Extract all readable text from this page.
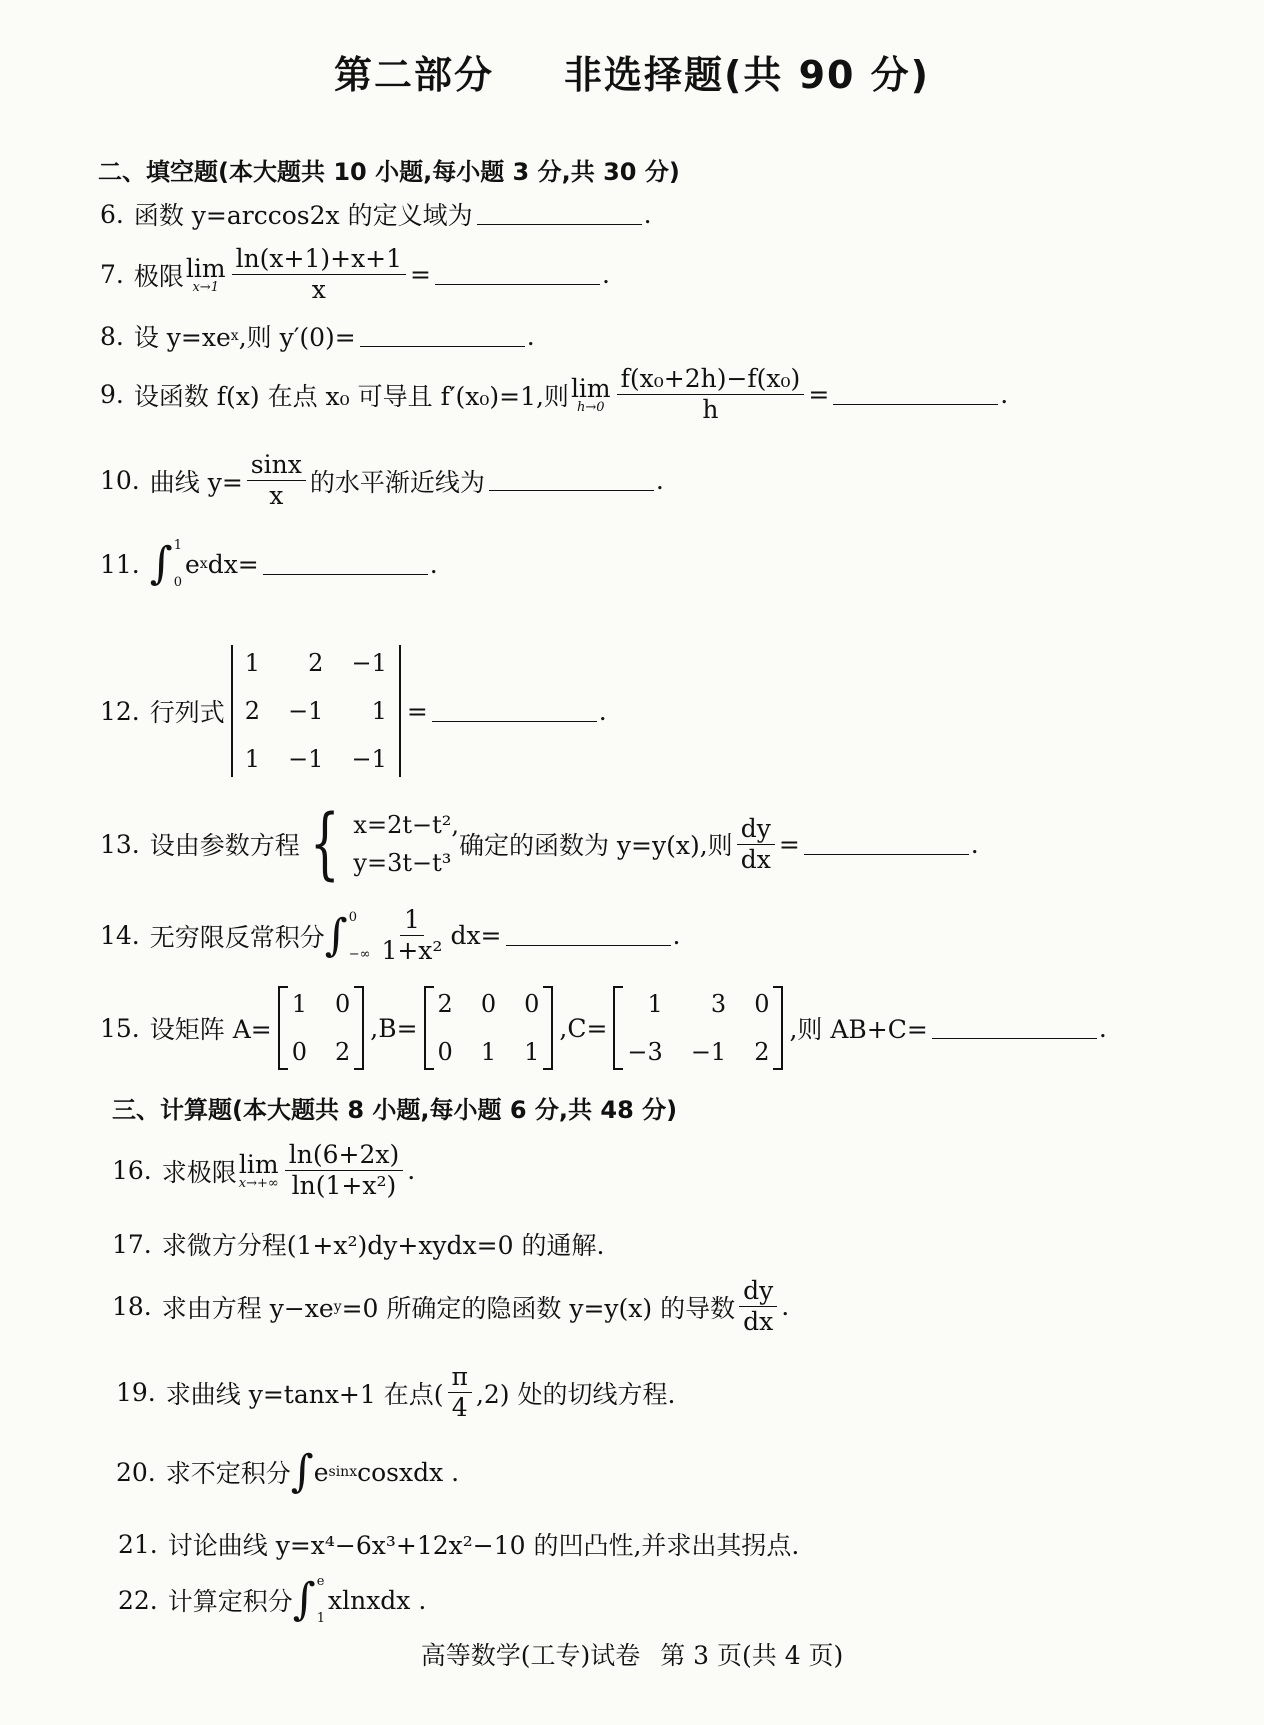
第二部分 非选择题(共 90 分)
二、填空题(本大题共 10 小题,每小题 3 分,共 30 分)
6. 函数 y=arccos2x 的定义域为	.
7. 极限 lim
$x\to 1 \frac{\ln(x+1)+x+1}{x}$ =	.
8. 设 y=xe x ,则 y′(0)=	.
9. 设函数 f(x) 在点 x₀ 可导且 f′(x₀)=1,则 lim
$h\to 0 \frac{\text{f(x₀+2h)−f(x₀)}}{h}$ =	.
10. 曲线 $y= \frac{\sin x}{x}$ 的水平渐近线为	.
11. ∫ 1
0
e x dx=	.
12. 行列式
1	2 −1
2 −1	1
1 −1 −1
=	.
13. 设由参数方程 { x=2t−t²,
y=3t−t³
确定的函数为 y=y(x),则 $\frac{dy}{dx}$ =	.
14. 无穷限反常积分 ∫ 0
−∞ $\frac{1}{\text{1+x²}} dx=$	.
15. 设矩阵 A=
1 0
0 2
,B=
2 0 0
0 1 1
,C=
1	3 0
−3 −1 2
,则 AB+C=	.
三、计算题(本大题共 8 小题,每小题 6 分,共 48 分)
16. 求极限 lim
$x\to+\infty \frac{\ln(6+2x)}{\text{ln(1+x²)}}$ .
17. 求微方分程(1+x²)dy+xydx=0 的通解.
18. 求由方程 y−xe y =0 所确定的隐函数 y=y(x) 的导数 $\frac{dy}{dx}$ .
19. 求曲线 y=tanx+1 在点( $\frac{\pi}{4} ,2$) 处的切线方程.
20. 求不定积分 ∫ e sinx cosxdx .
21. 讨论曲线 y=x⁴−6x³+12x²−10 的凹凸性,并求出其拐点.
22. 计算定积分 ∫ e
1
xlnxdx .
高等数学(工专)试卷 第 3 页(共 4 页)
